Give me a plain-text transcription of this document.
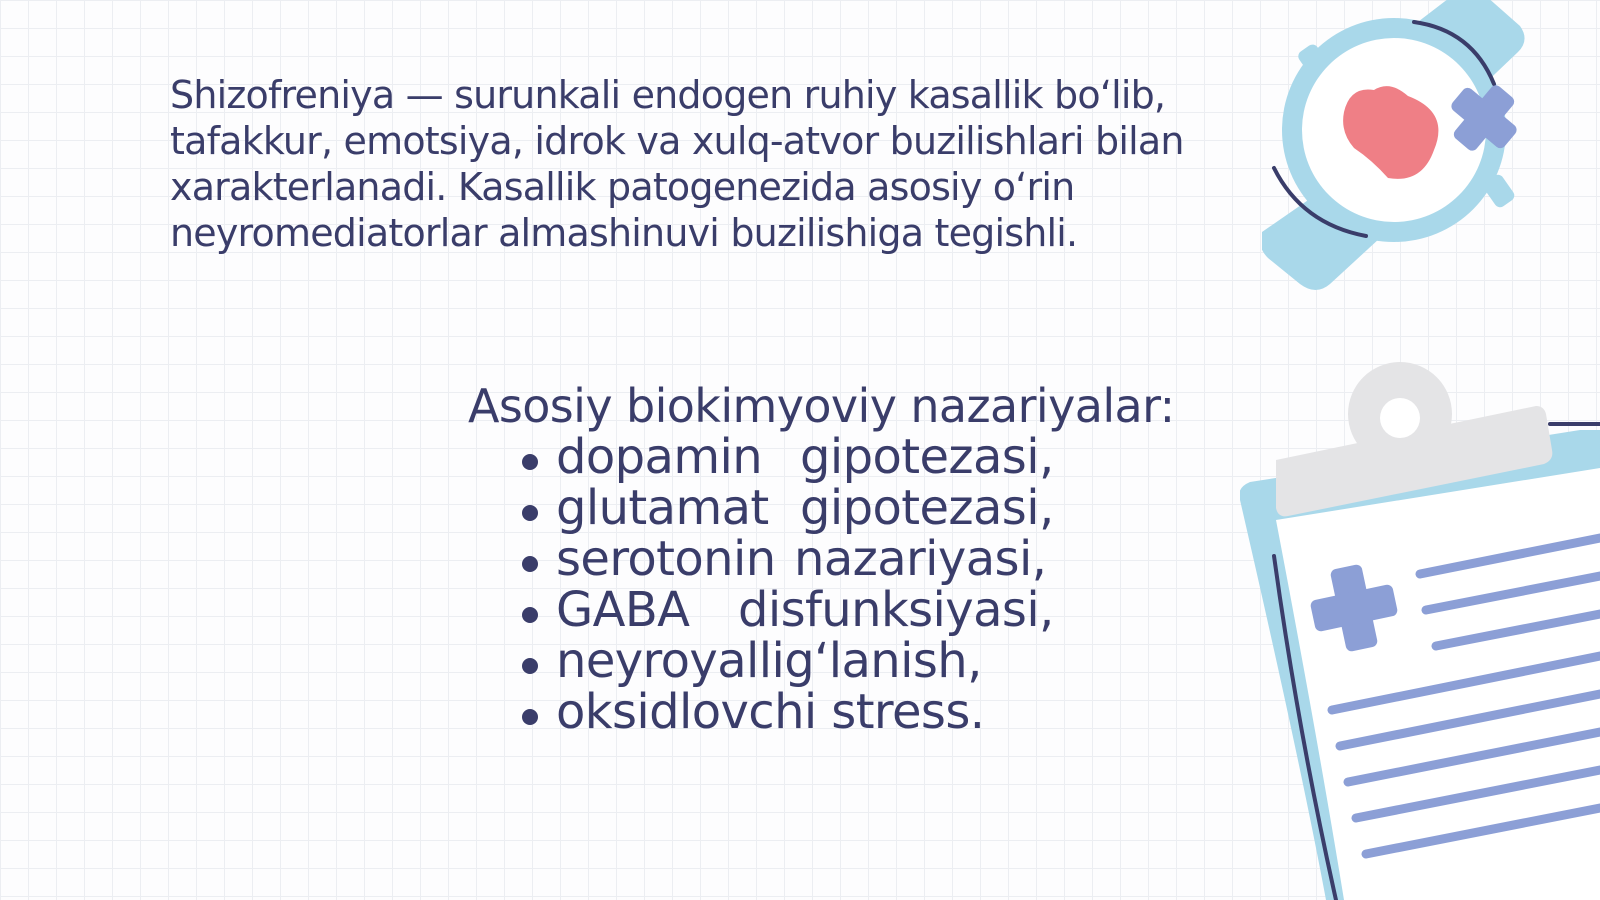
Shizofreniya — surunkali endogen ruhiy kasallik bo‘lib, tafakkur, emotsiya, idrok va xulq-atvor buzilishlari bilan xarakterlanadi. Kasallik patogenezida asosiy o‘rin neyromediatorlar almashinuvi buzilishiga tegishli.

Asosiy biokimyoviy nazariyalar:
dopamin gipotezasi,
glutamat gipotezasi,
serotonin nazariyasi,
GABA disfunksiyasi,
neyroyallig‘lanish,
oksidlovchi stress.
